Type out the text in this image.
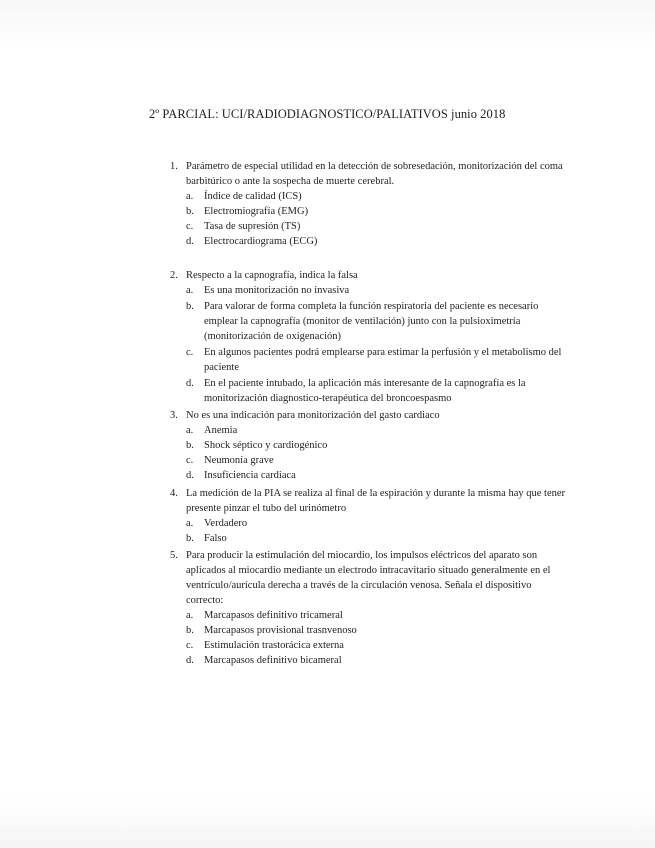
2º PARCIAL: UCI/RADIODIAGNOSTICO/PALIATIVOS junio 2018
1. Parámetro de especial utilidad en la detección de sobresedación, monitorización del coma barbitúrico o ante la sospecha de muerte cerebral.
a.	Índice de calidad (ICS)
b. Electromiografía (EMG)
c.	Tasa de supresión (TS)
d. Electrocardiograma (ECG)
2. Respecto a la capnografía, indica la falsa
a.	Es una monitorización no invasiva
b. Para valorar de forma completa la función respiratoria del paciente es necesario emplear la capnografía (monitor de ventilación) junto con la pulsioximetría (monitorización de oxigenación)
c.	En algunos pacientes podrá emplearse para estimar la perfusión y el metabolismo del paciente
d. En el paciente intubado, la aplicación más interesante de la capnografía es la monitorización diagnostico-terapéutica del broncoespasmo
3. No es una indicación para monitorización del gasto cardiaco
a.	Anemia
b. Shock séptico y cardiogénico
c.	Neumonía grave
d. Insuficiencia cardiaca
4. La medición de la PIA se realiza al final de la espiración y durante la misma hay que tener presente pinzar el tubo del urinómetro
a.	Verdadero
b. Falso
5. Para producir la estimulación del miocardio, los impulsos eléctricos del aparato son aplicados al miocardio mediante un electrodo intracavitario situado generalmente en el ventrículo/aurícula derecha a través de la circulación venosa. Señala el dispositivo correcto:
a.	Marcapasos definitivo tricameral
b. Marcapasos provisional trasnvenoso
c.	Estimulación trastorácica externa
d. Marcapasos definitivo bicameral
